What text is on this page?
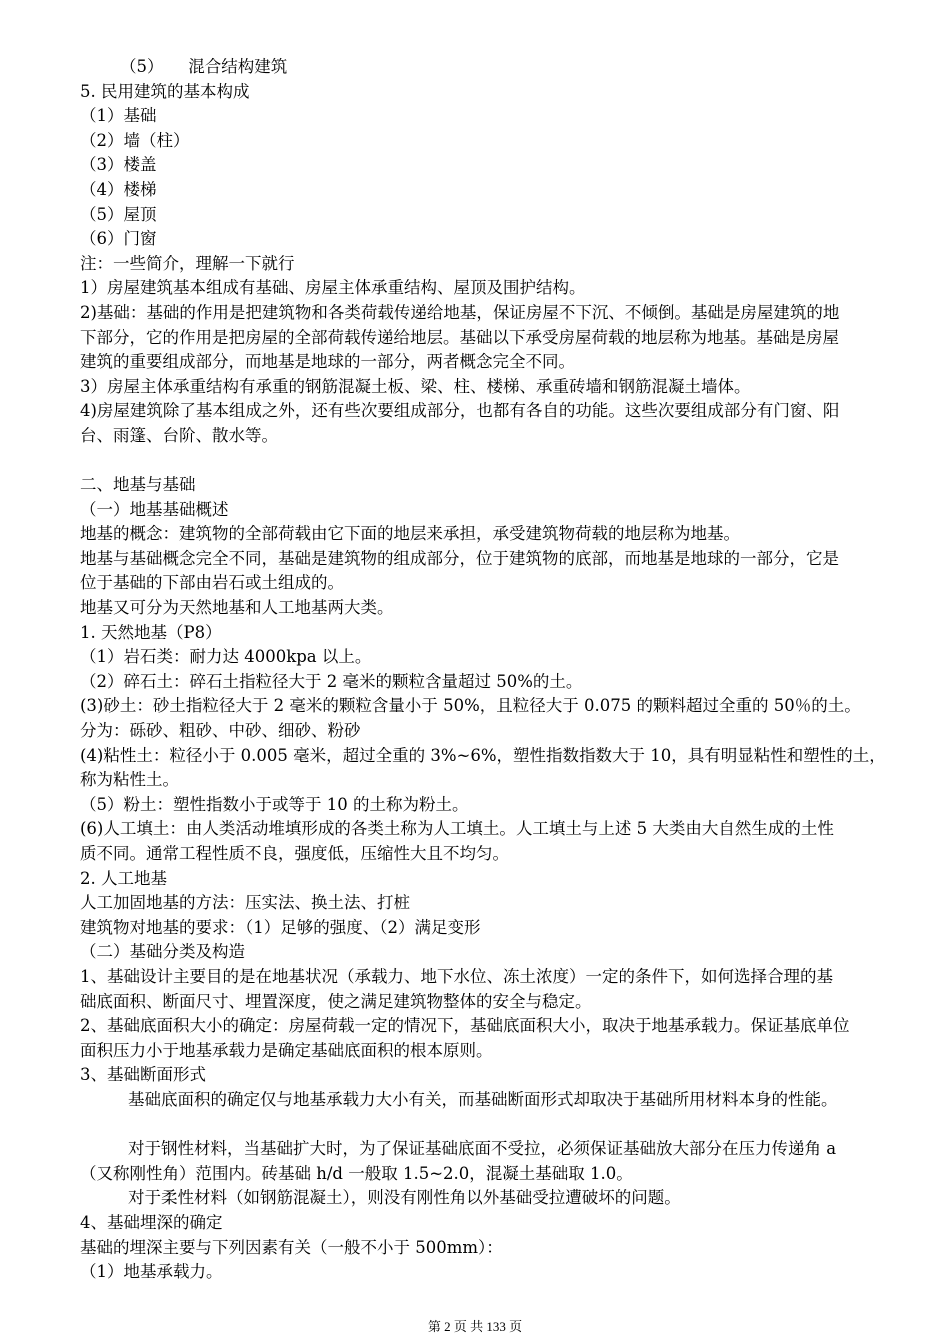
（5）　　混合结构建筑
5. 民用建筑的基本构成
（1）基础
（2）墙（柱）
（3）楼盖
（4）楼梯
（5）屋顶
（6）门窗
注：一些简介，理解一下就行
1）房屋建筑基本组成有基础、房屋主体承重结构、屋顶及围护结构。
2)基础：基础的作用是把建筑物和各类荷载传递给地基，保证房屋不下沉、不倾倒。基础是房屋建筑的地
下部分，它的作用是把房屋的全部荷载传递给地层。基础以下承受房屋荷载的地层称为地基。基础是房屋
建筑的重要组成部分，而地基是地球的一部分，两者概念完全不同。
3）房屋主体承重结构有承重的钢筋混凝土板、梁、柱、楼梯、承重砖墙和钢筋混凝土墙体。
4)房屋建筑除了基本组成之外，还有些次要组成部分，也都有各自的功能。这些次要组成部分有门窗、阳
台、雨篷、台阶、散水等。
二、地基与基础
（一）地基基础概述
地基的概念：建筑物的全部荷载由它下面的地层来承担，承受建筑物荷载的地层称为地基。
地基与基础概念完全不同，基础是建筑物的组成部分，位于建筑物的底部，而地基是地球的一部分，它是
位于基础的下部由岩石或土组成的。
地基又可分为天然地基和人工地基两大类。
1. 天然地基（P8）
（1）岩石类：耐力达 4000kpa 以上。
（2）碎石土：碎石土指粒径大于 2 毫米的颗粒含量超过 50%的土。
(3)砂土：砂土指粒径大于 2 毫米的颗粒含量小于 50%，且粒径大于 0.075 的颗料超过全重的 50％的土。
分为：砾砂、粗砂、中砂、细砂、粉砂
(4)粘性土：粒径小于 0.005 毫米，超过全重的 3%~6%，塑性指数指数大于 10，具有明显粘性和塑性的土，
称为粘性土。
（5）粉土：塑性指数小于或等于 10 的土称为粉土。
(6)人工填土：由人类活动堆填形成的各类土称为人工填土。人工填土与上述 5 大类由大自然生成的土性
质不同。通常工程性质不良，强度低，压缩性大且不均匀。
2. 人工地基
人工加固地基的方法：压实法、换土法、打桩
建筑物对地基的要求：（1）足够的强度、（2）满足变形
（二）基础分类及构造
1、基础设计主要目的是在地基状况（承载力、地下水位、冻土浓度）一定的条件下，如何选择合理的基
础底面积、断面尺寸、埋置深度，使之满足建筑物整体的安全与稳定。
2、基础底面积大小的确定：房屋荷载一定的情况下，基础底面积大小，取决于地基承载力。保证基底单位
面积压力小于地基承载力是确定基础底面积的根本原则。
3、基础断面形式
基础底面积的确定仅与地基承载力大小有关，而基础断面形式却取决于基础所用材料本身的性能。
对于钢性材料，当基础扩大时，为了保证基础底面不受拉，必须保证基础放大部分在压力传递角 a
（又称刚性角）范围内。砖基础 h/d 一般取 1.5~2.0，混凝土基础取 1.0。
对于柔性材料（如钢筋混凝土），则没有刚性角以外基础受拉遭破坏的问题。
4、基础埋深的确定
基础的埋深主要与下列因素有关（一般不小于 500mm）：
（1）地基承载力。
第 2 页 共 133 页
